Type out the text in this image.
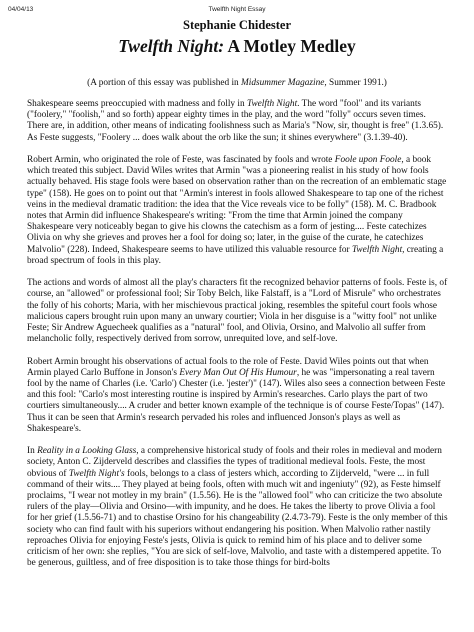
04/04/13	Twelfth Night Essay
Stephanie Chidester
Twelfth Night: A Motley Medley
(A portion of this essay was published in Midsummer Magazine, Summer 1991.)

Shakespeare seems preoccupied with madness and folly in Twelfth Night. The word "fool" and its variants ("foolery," "foolish," and so forth) appear eighty times in the play, and the word "folly" occurs seven times. There are, in addition, other means of indicating foolishness such as Maria's "Now, sir, thought is free" (1.3.65). As Feste suggests, "Foolery ... does walk about the orb like the sun; it shines everywhere" (3.1.39-40).

Robert Armin, who originated the role of Feste, was fascinated by fools and wrote Foole upon Foole, a book which treated this subject. David Wiles writes that Armin "was a pioneering realist in his study of how fools actually behaved. His stage fools were based on observation rather than on the recreation of an emblematic stage type" (158). He goes on to point out that "Armin's interest in fools allowed Shakespeare to tap one of the richest veins in the medieval dramatic tradition: the idea that the Vice reveals vice to be folly" (158). M. C. Bradbook notes that Armin did influence Shakespeare's writing: "From the time that Armin joined the company Shakespeare very noticeably began to give his clowns the catechism as a form of jesting.... Feste catechizes Olivia on why she grieves and proves her a fool for doing so; later, in the guise of the curate, he catechizes Malvolio" (228). Indeed, Shakespeare seems to have utilized this valuable resource for Twelfth Night, creating a broad spectrum of fools in this play.

The actions and words of almost all the play's characters fit the recognized behavior patterns of fools. Feste is, of course, an "allowed" or professional fool; Sir Toby Belch, like Falstaff, is a "Lord of Misrule" who orchestrates the folly of his cohorts; Maria, with her mischievous practical joking, resembles the spiteful court fools whose malicious capers brought ruin upon many an unwary courtier; Viola in her disguise is a "witty fool" not unlike Feste; Sir Andrew Aguecheek qualifies as a "natural" fool, and Olivia, Orsino, and Malvolio all suffer from melancholic folly, respectively derived from sorrow, unrequited love, and self-love.

Robert Armin brought his observations of actual fools to the role of Feste. David Wiles points out that when Armin played Carlo Buffone in Jonson's Every Man Out Of His Humour, he was "impersonating a real tavern fool by the name of Charles (i.e. 'Carlo') Chester (i.e. 'jester')" (147). Wiles also sees a connection between Feste and this fool: "Carlo's most interesting routine is inspired by Armin's researches. Carlo plays the part of two courtiers simultaneously.... A cruder and better known example of the technique is of course Feste/Topas" (147). Thus it can be seen that Armin's research pervaded his roles and influenced Jonson's plays as well as Shakespeare's.

In Reality in a Looking Glass, a comprehensive historical study of fools and their roles in medieval and modern society, Anton C. Zijderveld describes and classifies the types of traditional medieval fools. Feste, the most obvious of Twelfth Night's fools, belongs to a class of jesters which, according to Zijderveld, "were ... in full command of their wits.... They played at being fools, often with much wit and ingeniuty" (92), as Feste himself proclaims, "I wear not motley in my brain" (1.5.56). He is the "allowed fool" who can criticize the two absolute rulers of the play—Olivia and Orsino—with impunity, and he does. He takes the liberty to prove Olivia a fool for her grief (1.5.56-71) and to chastise Orsino for his changeability (2.4.73-79). Feste is the only member of this society who can find fault with his superiors without endangering his position. When Malvolio rather nastily reproaches Olivia for enjoying Feste's jests, Olivia is quick to remind him of his place and to deliver some criticism of her own: she replies, "You are sick of self-love, Malvolio, and taste with a distempered appetite. To be generous, guiltless, and of free disposition is to take those things for bird-bolts
